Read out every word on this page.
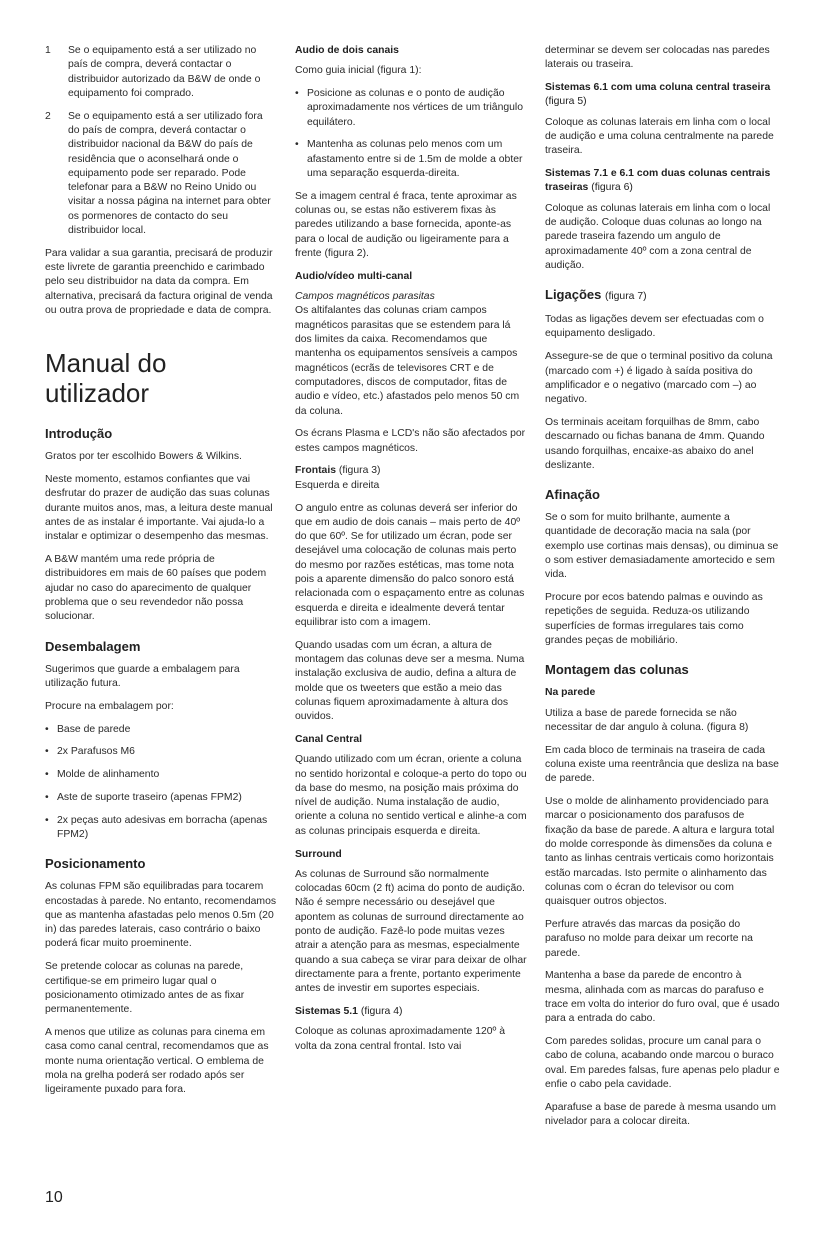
1	Se o equipamento está a ser utilizado no país de compra, deverá contactar o distribuidor autorizado da B&W de onde o equipamento foi comprado.
2	Se o equipamento está a ser utilizado fora do país de compra, deverá contactar o distribuidor nacional da B&W do país de residência que o aconselhará onde o equipamento pode ser reparado. Pode telefonar para a B&W no Reino Unido ou visitar a nossa página na internet para obter os pormenores de contacto do seu distribuidor local.

Para validar a sua garantia, precisará de produzir este livrete de garantia preenchido e carimbado pelo seu distribuidor na data da compra. Em alternativa, precisará da factura original de venda ou outra prova de propriedade e data de compra.

Manual do utilizador
Introdução

Gratos por ter escolhido Bowers & Wilkins.

Neste momento, estamos confiantes que vai desfrutar do prazer de audição das suas colunas durante muitos anos, mas, a leitura deste manual antes de as instalar é importante. Vai ajuda-lo a instalar e optimizar o desempenho das mesmas.

A B&W mantém uma rede própria de distribuidores em mais de 60 países que podem ajudar no caso do aparecimento de qualquer problema que o seu revendedor não possa solucionar.

Desembalagem

Sugerimos que guarde a embalagem para utilização futura.

Procure na embalagem por:

• Base de parede
• 2x Parafusos M6
• Molde de alinhamento
• Aste de suporte traseiro (apenas FPM2)
• 2x peças auto adesivas em borracha (apenas FPM2)
Posicionamento

As colunas FPM são equilibradas para tocarem encostadas à parede. No entanto, recomendamos que as mantenha afastadas pelo menos 0.5m (20 in) das paredes laterais, caso contrário o baixo poderá ficar muito proeminente.

Se pretende colocar as colunas na parede, certifique-se em primeiro lugar qual o posicionamento otimizado antes de as fixar permanentemente.

A menos que utilize as colunas para cinema em casa como canal central, recomendamos que as monte numa orientação vertical. O emblema de mola na grelha poderá ser rodado após ser ligeiramente puxado para fora.

Audio de dois canais

Como guia inicial (figura 1):

• Posicione as colunas e o ponto de audição aproximadamente nos vértices de um triângulo equilátero.
• Mantenha as colunas pelo menos com um afastamento entre si de 1.5m de molde a obter uma separação esquerda-direita.

Se a imagem central é fraca, tente aproximar as colunas ou, se estas não estiverem fixas às paredes utilizando a base fornecida, aponte-as para o local de audição ou ligeiramente para a frente (figura 2).

Audio/vídeo multi-canal

Campos magnéticos parasitas
Os altifalantes das colunas criam campos magnéticos parasitas que se estendem para lá dos limites da caixa. Recomendamos que mantenha os equipamentos sensíveis a campos magnéticos (ecrãs de televisores CRT e de computadores, discos de computador, fitas de audio e vídeo, etc.) afastados pelo menos 50 cm da coluna.

Os écrans Plasma e LCD's não são afectados por estes campos magnéticos.

Frontais (figura 3)
Esquerda e direita

O angulo entre as colunas deverá ser inferior do que em audio de dois canais – mais perto de 40º do que 60º. Se for utilizado um écran, pode ser desejável uma colocação de colunas mais perto do mesmo por razões estéticas, mas tome nota pois a aparente dimensão do palco sonoro está relacionada com o espaçamento entre as colunas esquerda e direita e idealmente deverá tentar equilibrar isto com a imagem.

Quando usadas com um écran, a altura de montagem das colunas deve ser a mesma. Numa instalação exclusiva de audio, defina a altura de molde que os tweeters que estão a meio das colunas fiquem aproximadamente à altura dos ouvidos.

Canal Central

Quando utilizado com um écran, oriente a coluna no sentido horizontal e coloque-a perto do topo ou da base do mesmo, na posição mais próxima do nível de audição. Numa instalação de audio, oriente a coluna no sentido vertical e alinhe-a com as colunas principais esquerda e direita.

Surround

As colunas de Surround são normalmente colocadas 60cm (2 ft) acima do ponto de audição. Não é sempre necessário ou desejável que apontem as colunas de surround directamente ao ponto de audição. Fazê-lo pode muitas vezes atrair a atenção para as mesmas, especialmente quando a sua cabeça se virar para deixar de olhar directamente para a frente, portanto experimente antes de investir em suportes especiais.

Sistemas 5.1 (figura 4)

Coloque as colunas aproximadamente 120º à volta da zona central frontal. Isto vai

determinar se devem ser colocadas nas paredes laterais ou traseira.

Sistemas 6.1 com uma coluna central traseira (figura 5)

Coloque as colunas laterais em linha com o local de audição e uma coluna centralmente na parede traseira.

Sistemas 7.1 e 6.1 com duas colunas centrais traseiras (figura 6)

Coloque as colunas laterais em linha com o local de audição. Coloque duas colunas ao longo na parede traseira fazendo um angulo de aproximadamente 40º com a zona central de audição.

Ligações (figura 7)

Todas as ligações devem ser efectuadas com o equipamento desligado.

Assegure-se de que o terminal positivo da coluna (marcado com +) é ligado à saída positiva do amplificador e o negativo (marcado com –) ao negativo.

Os terminais aceitam forquilhas de 8mm, cabo descarnado ou fichas banana de 4mm. Quando usando forquilhas, encaixe-as abaixo do anel deslizante.

Afinação

Se o som for muito brilhante, aumente a quantidade de decoração macia na sala (por exemplo use cortinas mais densas), ou diminua se o som estiver demasiadamente amortecido e sem vida.

Procure por ecos batendo palmas e ouvindo as repetições de seguida. Reduza-os utilizando superfícies de formas irregulares tais como grandes peças de mobiliário.

Montagem das colunas
Na parede

Utiliza a base de parede fornecida se não necessitar de dar angulo à coluna. (figura 8)

Em cada bloco de terminais na traseira de cada coluna existe uma reentrância que desliza na base de parede.

Use o molde de alinhamento providenciado para marcar o posicionamento dos parafusos de fixação da base de parede. A altura e largura total do molde corresponde às dimensões da coluna e tanto as linhas centrais verticais como horizontais estão marcadas. Isto permite o alinhamento das colunas com o écran do televisor ou com quaisquer outros objectos.

Perfure através das marcas da posição do parafuso no molde para deixar um recorte na parede.

Mantenha a base da parede de encontro à mesma, alinhada com as marcas do parafuso e trace em volta do interior do furo oval, que é usado para a entrada do cabo.

Com paredes solidas, procure um canal para o cabo de coluna, acabando onde marcou o buraco oval. Em paredes falsas, fure apenas pelo pladur e enfie o cabo pela cavidade.

Aparafuse a base de parede à mesma usando um nivelador para a colocar direita.

10
